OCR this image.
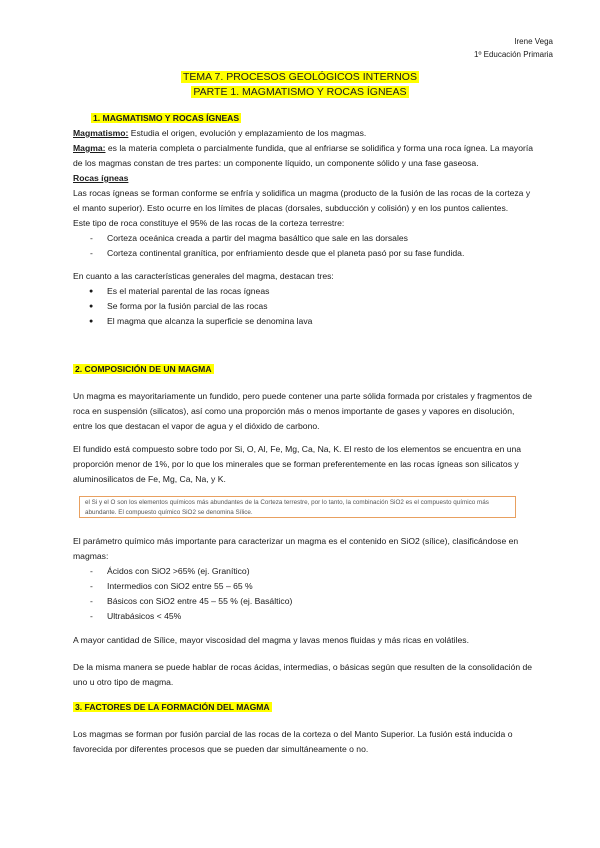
Irene Vega
1º Educación Primaria
TEMA 7. PROCESOS GEOLÓGICOS INTERNOS
PARTE 1. MAGMATISMO Y ROCAS ÍGNEAS
1. MAGMATISMO Y ROCAS ÍGNEAS

Magmatismo: Estudia el origen, evolución y emplazamiento de los magmas.

Magma: es la materia completa o parcialmente fundida, que al enfriarse se solidifica y forma una roca ígnea. La mayoría de los magmas constan de tres partes: un componente líquido, un componente sólido y una fase gaseosa.

Rocas ígneas

Las rocas ígneas se forman conforme se enfría y solidifica un magma (producto de la fusión de las rocas de la corteza y el manto superior). Esto ocurre en los límites de placas (dorsales, subducción y colisión) y en los puntos calientes.

Este tipo de roca constituye el 95% de las rocas de la corteza terrestre:

- Corteza oceánica creada a partir del magma basáltico que sale en las dorsales
- Corteza continental granítica, por enfriamiento desde que el planeta pasó por su fase fundida.

En cuanto a las características generales del magma, destacan tres:

● Es el material parental de las rocas ígneas
● Se forma por la fusión parcial de las rocas
● El magma que alcanza la superficie se denomina lava
2. COMPOSICIÓN DE UN MAGMA

Un magma es mayoritariamente un fundido, pero puede contener una parte sólida formada por cristales y fragmentos de roca en suspensión (silicatos), así como una proporción más o menos importante de gases y vapores en disolución, entre los que destacan el vapor de agua y el dióxido de carbono.

El fundido está compuesto sobre todo por Si, O, Al, Fe, Mg, Ca, Na, K. El resto de los elementos se encuentra en una proporción menor de 1%, por lo que los minerales que se forman preferentemente en las rocas ígneas son silicatos y aluminosilicatos de Fe, Mg, Ca, Na, y K.

el Si y el O son los elementos químicos más abundantes de la Corteza terrestre, por lo tanto, la combinación SiO2 es el compuesto químico más abundante. El compuesto químico SiO2 se denomina Sílice.

El parámetro químico más importante para caracterizar un magma es el contenido en SiO2 (sílice), clasificándose en magmas:

- Ácidos con SiO2 >65% (ej. Granítico)
- Intermedios con SiO2 entre 55 – 65 %
- Básicos con SiO2 entre 45 – 55 % (ej. Basáltico)
- Ultrabásicos < 45%

A mayor cantidad de Sílice, mayor viscosidad del magma y lavas menos fluidas y más ricas en volátiles.

De la misma manera se puede hablar de rocas ácidas, intermedias, o básicas según que resulten de la consolidación de uno u otro tipo de magma.

3. FACTORES DE LA FORMACIÓN DEL MAGMA

Los magmas se forman por fusión parcial de las rocas de la corteza o del Manto Superior. La fusión está inducida o favorecida por diferentes procesos que se pueden dar simultáneamente o no.
